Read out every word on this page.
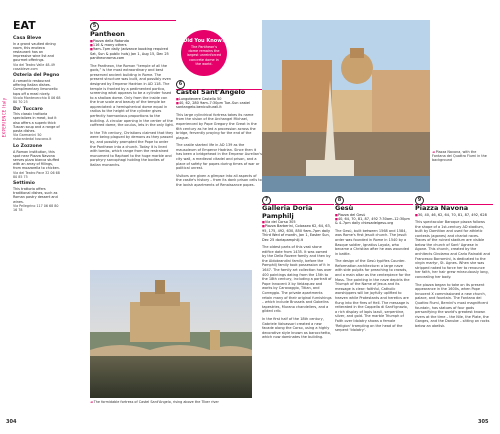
EXPERIENCE Italy
EAT
Casa Bleve
In a grand vaulted dining room, this enoteca restaurant has an impressive wine list and gourmet offerings.
Via del Teatro Valle 48-49 casableve.com
Osteria del Pegno
A romantic restaurant offering Italian dishes. Complimentary limoncello tops off a meal nicely.
Vicolo Montevecchio 8 06 68 80 70 25
Da' Tuccaro
This classic trattoria specializes in meat, but it also offers a superb thick Tuscan soup and a range of pasta dishes.
Via Garmanini 50 ristorantedal toscano.it
Lo Zozzone
A Roman institution, this spot near Piazza Navona serves pizza bianca stuffed with an array of fillings, from mozzarella to chicken.
Via del Teatro Pace 32 06 68 80 85 75
Settimio
This trattoria offers traditional dishes, such as Roman pastry dessert and wines.
Via Pellegrino 117 06 68 80 16 78
5
Pantheon
■ Piazza della Rotonda
■ 116 & many others
■ 9am–7pm daily (advance booking required Sat, Sun & public hols) Jan 1, Aug 15, Dec 25 pantheonroma.com

The Pantheon, the Roman “temple of all the gods,” is the most extraordinary and best preserved ancient building in Rome. The present structure was built, and possibly even designed by Emperor Hadrian in AD 118. The temple is fronted by a pedimented portico, screening what appears to be a cylinder fused to a shallow dome. Only from the inside can the true scale and beauty of the temple be appreciated: a hemispherical dome equal in radius to the height of the cylinder gives perfectly harmonious proportions to the building. A circular opening in the center of the coffered dome, the oculus, lets in the only light.

In the 7th century, Christians claimed that they were being plagued by demons as they passed by, and possibly prompted the Pope to order the Pantheon into a church. Today it is lined with tombs, which range from the restrained monument to Raphael to the huge marble and porphyry sarcophagi holding the bodies of Italian monarchs.

Did You Know?
The Pantheon's dome remains the largest unreinforced concrete dome in the world.
6
Castel Sant'Angelo
■ Lungotevere Castello 50
■ 40, 62, 280 9am–7:30pm Tue–Sun castel santangelo.beniculturali.it

This large cylindrical fortress takes its name from the vision of the Archangel Michael, experienced by Pope Gregory the Great in the 6th century as he led a procession across the bridge, fervently praying for the end of the plague.

The castle started life in AD 139 as the mausoleum of Emperor Hadrian. Since then it has been a bridgehead in the Emperor Aurelian's city wall, a medieval citadel and prison, and a place of safety for popes during times of war or political unrest.

Visitors are given a glimpse into all aspects of the castle's history – from its dank prison cells to the lavish apartments of Renaissance popes.

◄ The formidable fortress of Castel Sant'Angelo, rising above the Tiber river
7
Galleria Doria Pamphilj
■ Via del Corso 305
■ Piazza Barberini, Colosseo 62, 64, 63, 95, 175, 492, 630, 850 9am–7pm daily Third Wed of month, Jan 1, Easter Sun, Dec 25 doriapamphilj.it

The oldest parts of this vast stone edifice date from 1435. It was owned by the Della Rovere family and then by the Aldobrandini family, before the Pamphilj family took possession of it in 1647. The family art collection has over 400 paintings dating from the 15th to the 18th century, including a portrait of Pope Innocent X by Velázquez and works by Caravaggio, Titian, and Correggio. The private apartments retain many of their original furnishings – which include Brussels and Gobelins tapestries, Murano chandeliers, and a gilded crib.

In the first half of the 18th century, Gabriele Valvassori created a new facade along the Corso, using a highly decorative style known as barocchetto, which now dominates the building.

◄ Piazza Navona, with the Fontana dei Quattro Fiumi in the background
8
Gesù
■ Piazza del Gesù
■ 40, 64, 70, 81, 87, 492 7:30am–12:30pm & 4–7pm daily chiesadelgesu.org

The Gesù, built between 1568 and 1584, was Rome's first Jesuit church. The Jesuit order was founded in Rome in 1540 by a Basque soldier, Ignatius Loyola, who became a Christian after he was wounded in battle.

The design of the Gesù typifies Counter-Reformation architecture: a large nave with side pulpits for preaching to crowds, and a main altar as the centerpiece for the Mass. The painting in the nave depicts the Triumph of the Name of Jesus and its message is clear: faithful, Catholic worshippers will be joyfully uplifted to heaven while Protestants and heretics are flung into the fires of Hell. The message is reiterated in the Cappella di Sant'Ignazio, a rich display of lapis lazuli, serpentine, silver, and gold. The marble Triumph of Faith over Idolatry shows a female 'Religion' trampling on the head of the serpent 'Idolatry'.

9
Piazza Navona
■ 30, 40, 46, 62, 64, 70, 81, 87, 492, 628

This spectacular Baroque piazza follows the shape of a 1st-century AD stadium, built by Domitian and used for athletic contests (agones) and chariot races. Traces of the ruined stadium are visible below the church of Sant' Agnese in Agone. This church, created by the architects Girolamo and Carlo Rainaldi and Francesco Borromini, is dedicated to the virgin martyr, St. Agnes. When she was stripped naked to force her to renounce her faith, her hair grew miraculously long, concealing her body.

The piazza began to take on its present appearance in the 1600s, when Pope Innocent X commissioned a new church, palace, and fountain. The Fontana dei Quattro Fiumi, Bernini's most magnificent fountain, has statues of four gods personifying the world's greatest known rivers at the time – the Nile, the Plate, the Ganges, and the Danube – sitting on rocks below an obelisk.

304	305
